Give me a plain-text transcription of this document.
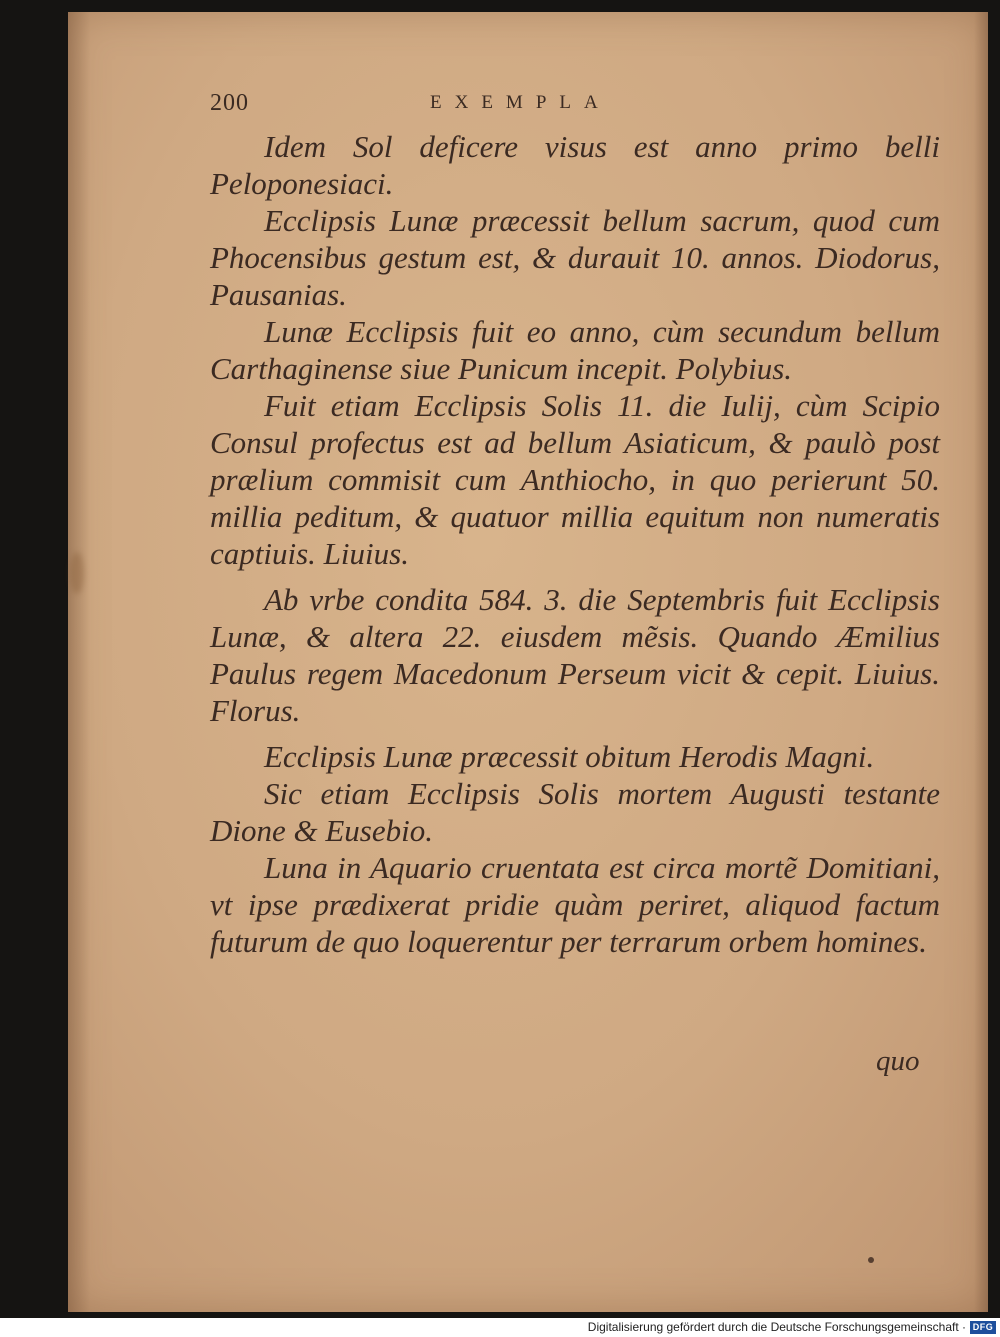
200	EXEMPLA

Idem Sol deficere visus est anno primo belli Peloponesiaci.

Ecclipsis Lunæ præcessit bellum sacrum, quod cum Phocensibus gestum est, & durauit 10. annos. Diodorus, Pausanias.

Lunæ Ecclipsis fuit eo anno, cùm secundum bellum Carthaginense siue Punicum incepit. Polybius.

Fuit etiam Ecclipsis Solis 11. die Iulij, cùm Scipio Consul profectus est ad bellum Asiaticum, & paulò post prælium commisit cum Anthiocho, in quo perierunt 50. millia peditum, & quatuor millia equitum non numeratis captiuis. Liuius.

Ab vrbe condita 584. 3. die Septembris fuit Ecclipsis Lunæ, & altera 22. eiusdem mẽsis. Quando Æmilius Paulus regem Macedonum Perseum vicit & cepit. Liuius. Florus.

Ecclipsis Lunæ præcessit obitum Herodis Magni.

Sic etiam Ecclipsis Solis mortem Augusti testante Dione & Eusebio.

Luna in Aquario cruentata est circa mortẽ Domitiani, vt ipse prædixerat pridie quàm periret, aliquod factum futurum de quo loquerentur per terrarum orbem homines.

quo
Digitalisierung gefördert durch die Deutsche Forschungsgemeinschaft · DFG
